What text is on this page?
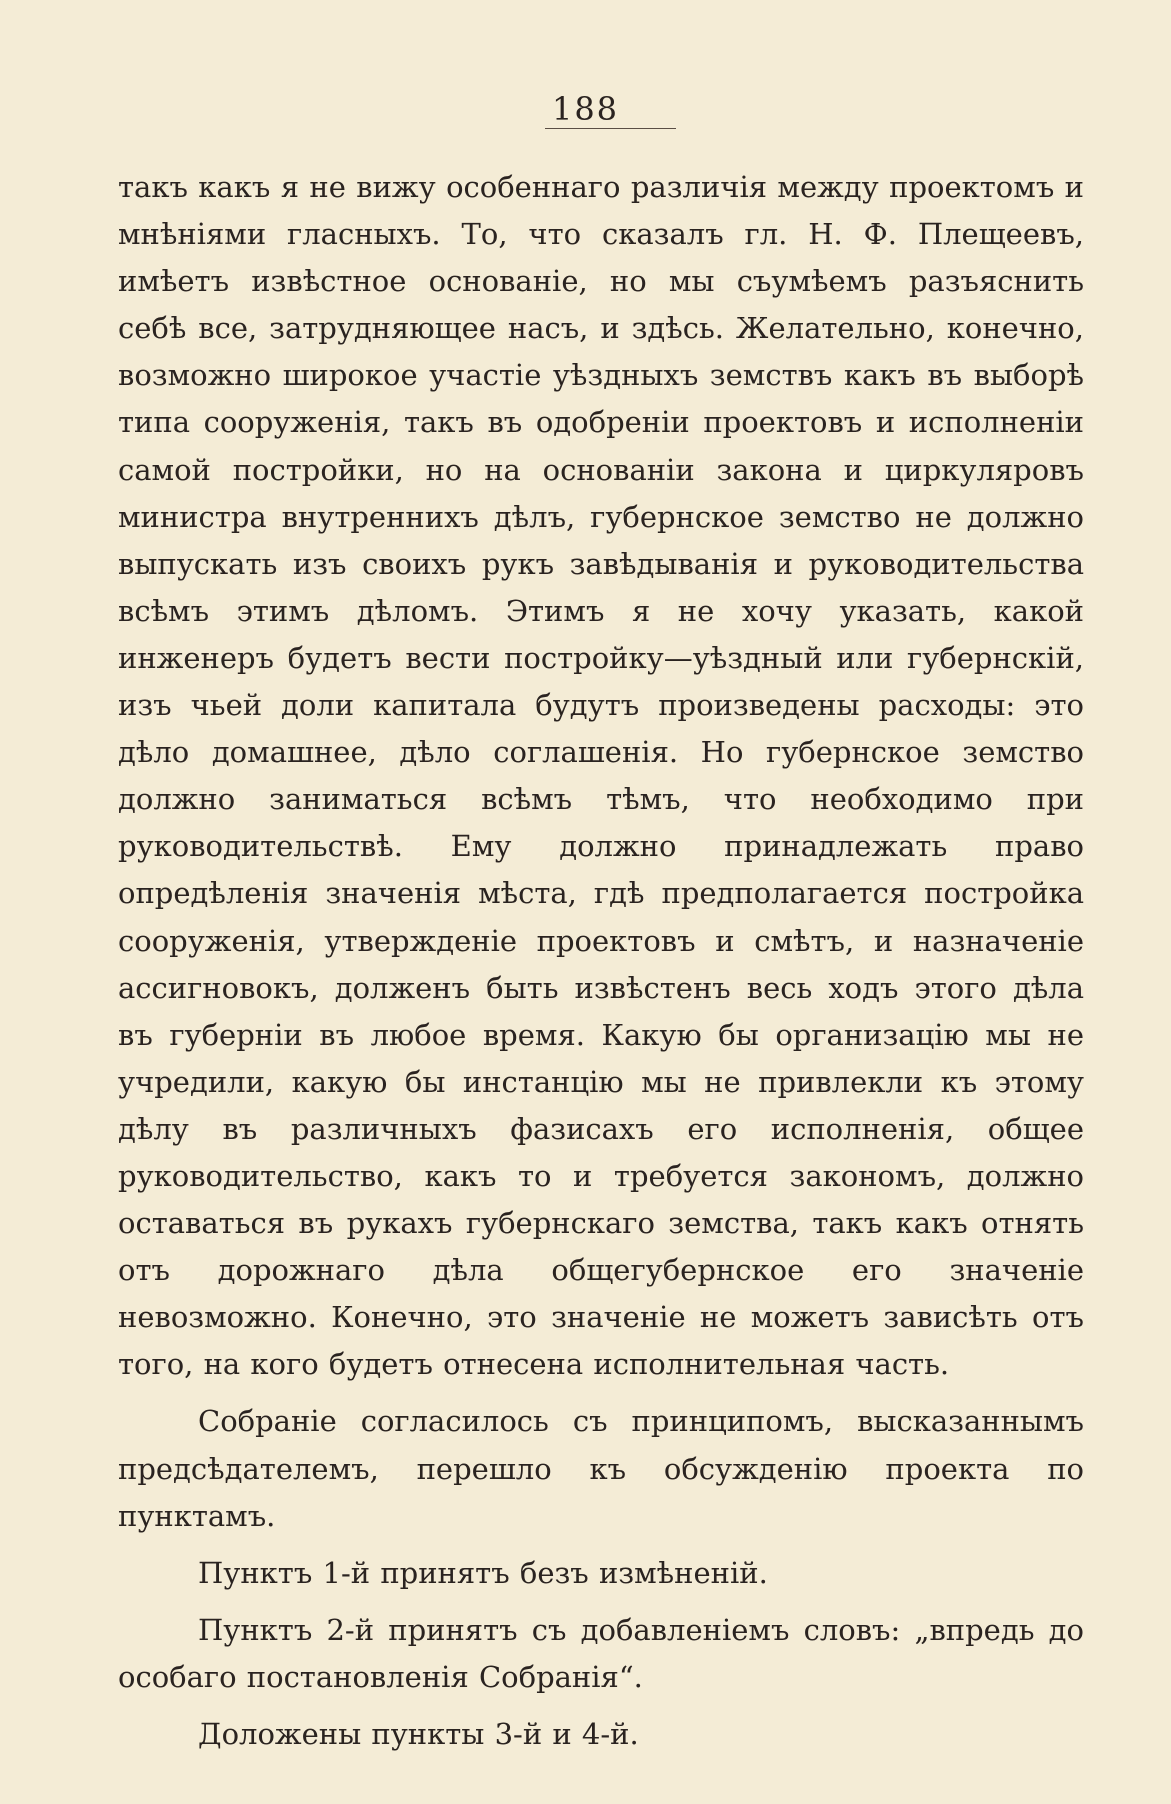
188

такъ какъ я не вижу особеннаго различія между проектомъ и мнѣніями гласныхъ. То, что сказалъ гл. Н. Ф. Плещеевъ, имѣетъ извѣстное основаніе, но мы съумѣемъ разъяснить себѣ все, затрудняющее насъ, и здѣсь. Желательно, конечно, возможно широкое участіе уѣздныхъ земствъ какъ въ выборѣ типа сооруженія, такъ въ одобреніи проектовъ и исполненіи самой постройки, но на основаніи закона и циркуляровъ министра внутреннихъ дѣлъ, губернское земство не должно выпускать изъ своихъ рукъ завѣдыванія и руководительства всѣмъ этимъ дѣломъ. Этимъ я не хочу указать, какой инженеръ будетъ вести постройку—уѣздный или губернскій, изъ чьей доли капитала будутъ произведены расходы: это дѣло домашнее, дѣло соглашенія. Но губернское земство должно заниматься всѣмъ тѣмъ, что необходимо при руководительствѣ. Ему должно принадлежать право опредѣленія значенія мѣста, гдѣ предполагается постройка сооруженія, утвержденіе проектовъ и смѣтъ, и назначеніе ассигновокъ, долженъ быть извѣстенъ весь ходъ этого дѣла въ губерніи въ любое время. Какую бы организацію мы не учредили, какую бы инстанцію мы не привлекли къ этому дѣлу въ различныхъ фазисахъ его исполненія, общее руководительство, какъ то и требуется закономъ, должно оставаться въ рукахъ губернскаго земства, такъ какъ отнять отъ дорожнаго дѣла общегубернское его значеніе невозможно. Конечно, это значеніе не можетъ зависѣть отъ того, на кого будетъ отнесена исполнительная часть.

Собраніе согласилось съ принципомъ, высказаннымъ предсѣдателемъ, перешло къ обсужденію проекта по пунктамъ.

Пунктъ 1-й принятъ безъ измѣненій.

Пунктъ 2-й принятъ съ добавленіемъ словъ: „впредь до особаго постановленія Собранія“.

Доложены пункты 3-й и 4-й.
